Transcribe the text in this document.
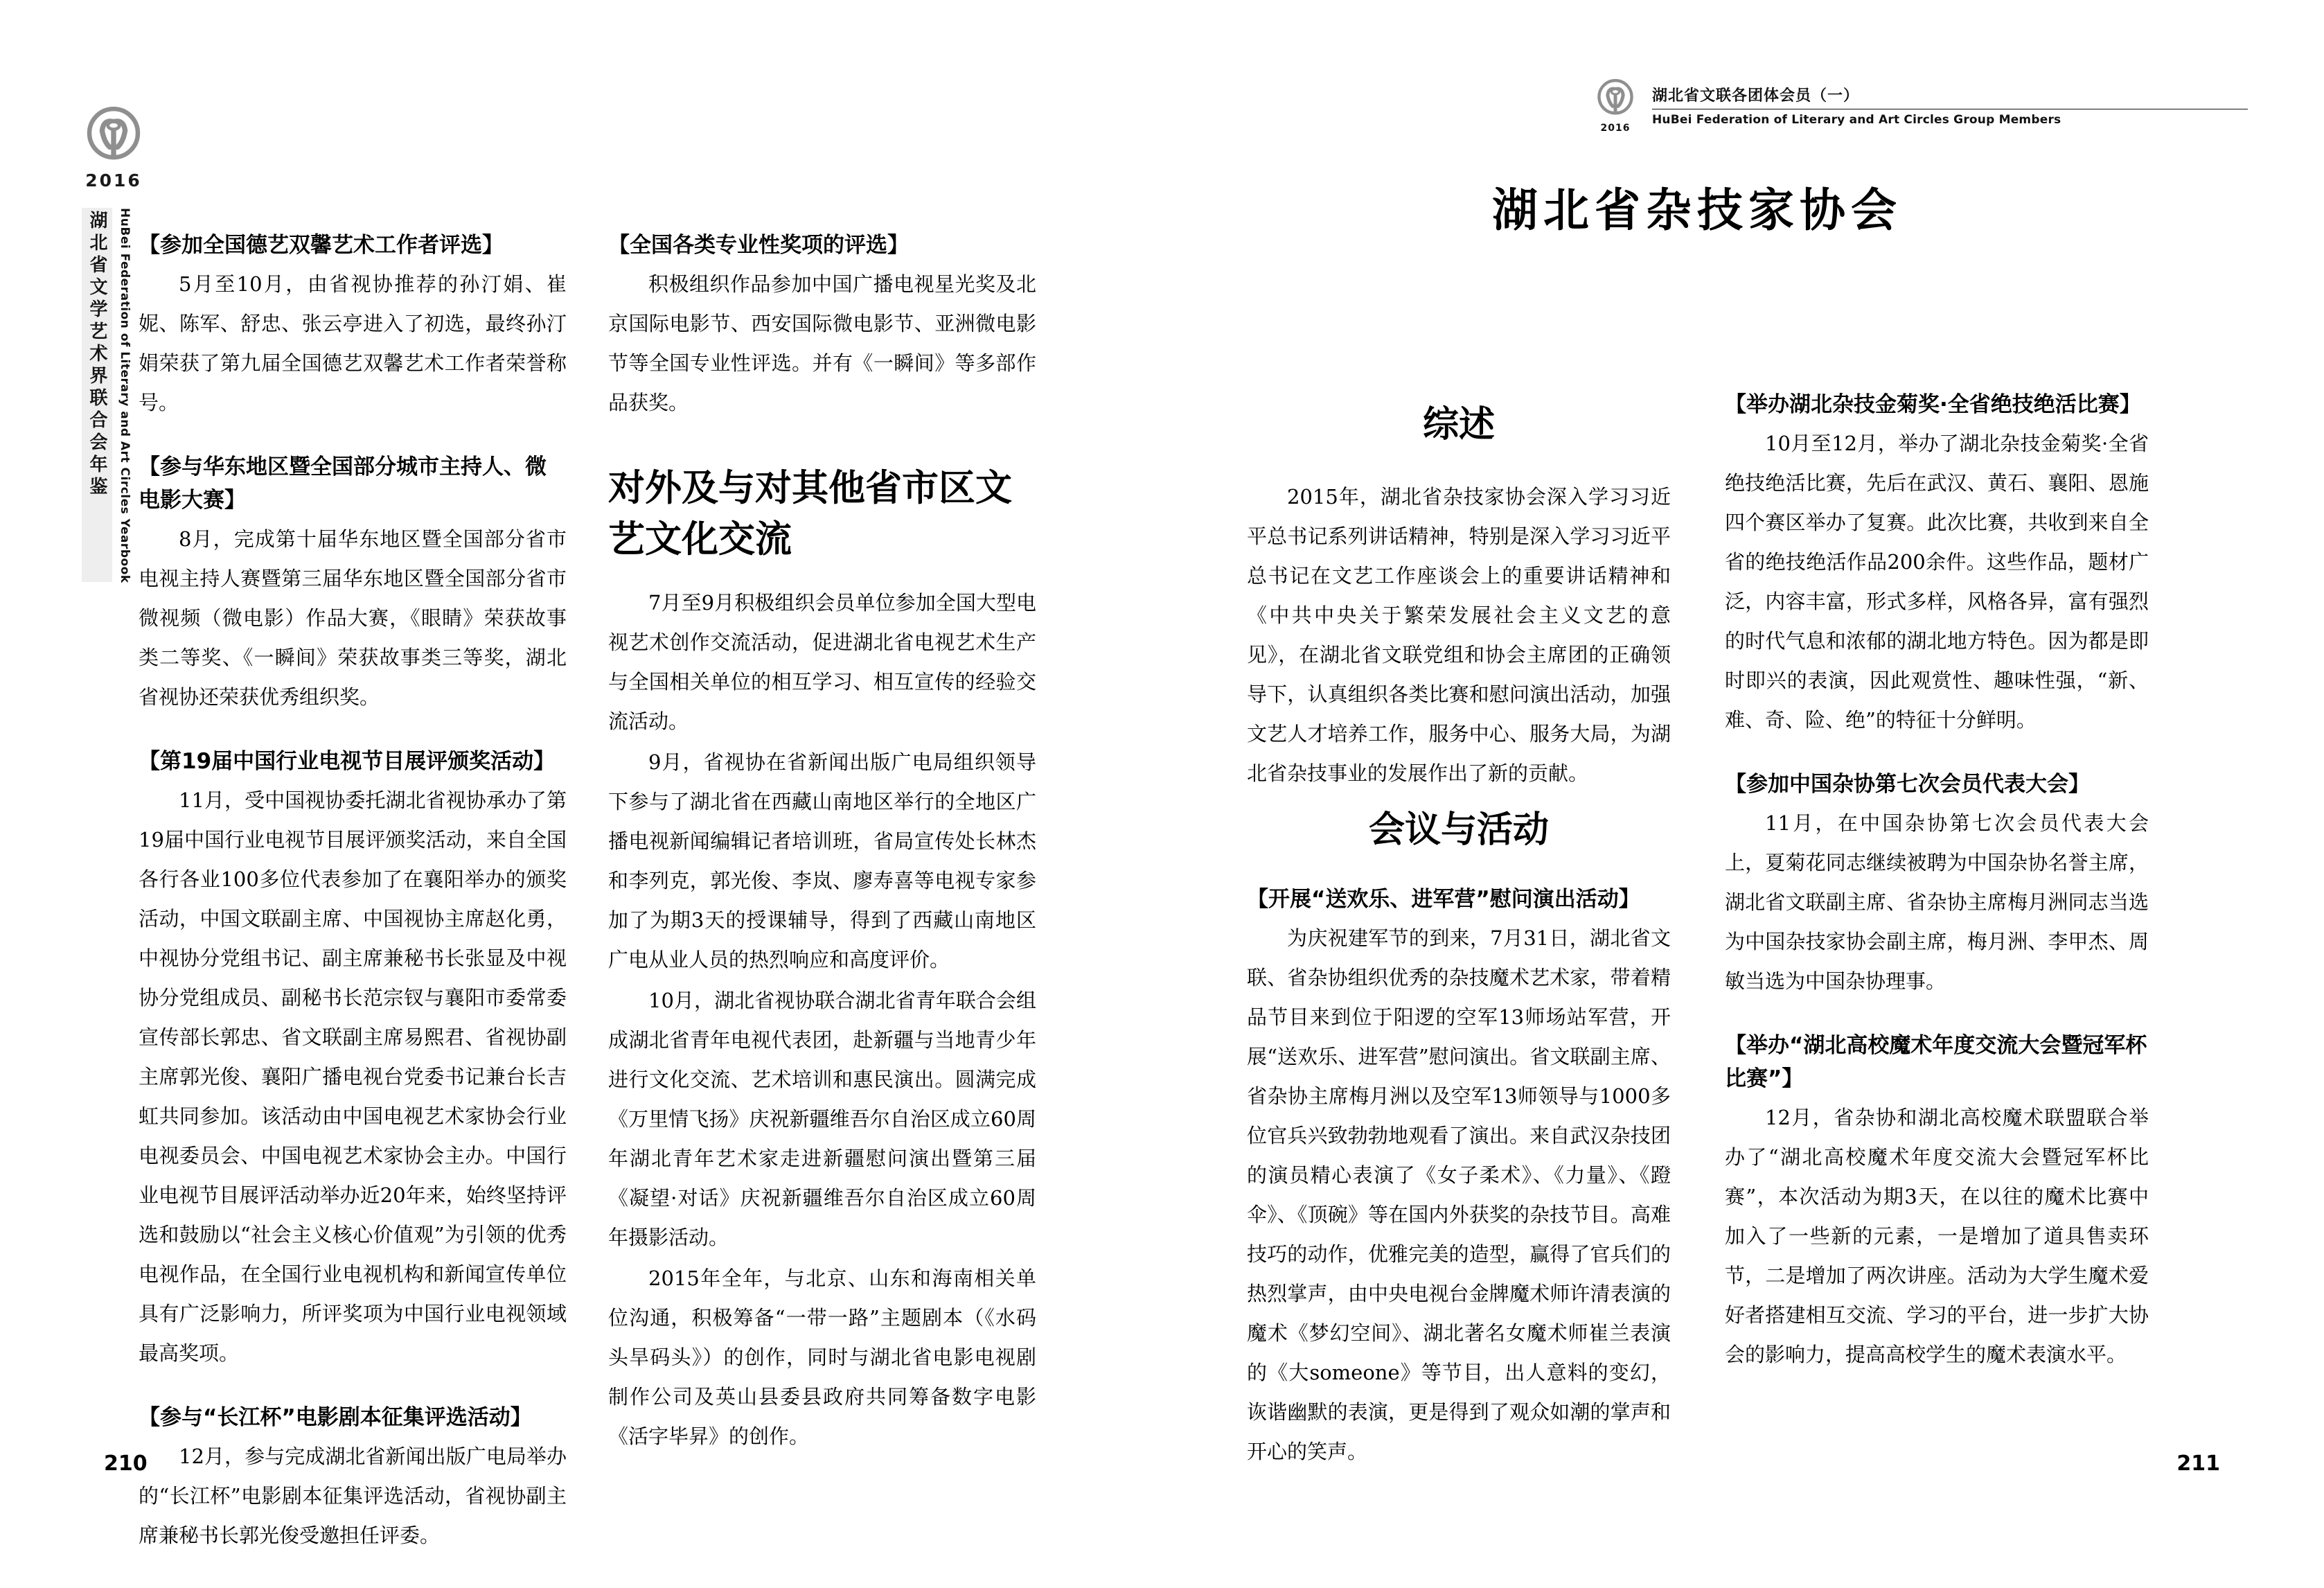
2016
湖北省文学艺术界联合会年鉴 HuBei Federation of Literary and Art Circles Yearbook 【参加全国德艺双馨艺术工作者评选】

5月至10月，由省视协推荐的孙汀娟、崔妮、陈军、舒忠、张云亭进入了初选，最终孙汀娟荣获了第九届全国德艺双馨艺术工作者荣誉称号。

【参与华东地区暨全国部分城市主持人、微电影大赛】

8月，完成第十届华东地区暨全国部分省市电视主持人赛暨第三届华东地区暨全国部分省市微视频（微电影）作品大赛，《眼睛》荣获故事类二等奖、《一瞬间》荣获故事类三等奖，湖北省视协还荣获优秀组织奖。

【第19届中国行业电视节目展评颁奖活动】

11月，受中国视协委托湖北省视协承办了第19届中国行业电视节目展评颁奖活动，来自全国各行各业100多位代表参加了在襄阳举办的颁奖活动，中国文联副主席、中国视协主席赵化勇，中视协分党组书记、副主席兼秘书长张显及中视协分党组成员、副秘书长范宗钗与襄阳市委常委宣传部长郭忠、省文联副主席易熙君、省视协副主席郭光俊、襄阳广播电视台党委书记兼台长吉虹共同参加。该活动由中国电视艺术家协会行业电视委员会、中国电视艺术家协会主办。中国行业电视节目展评活动举办近20年来，始终坚持评选和鼓励以“社会主义核心价值观”为引领的优秀电视作品，在全国行业电视机构和新闻宣传单位具有广泛影响力，所评奖项为中国行业电视领域最高奖项。

【参与“长江杯”电影剧本征集评选活动】

12月，参与完成湖北省新闻出版广电局举办的“长江杯”电影剧本征集评选活动，省视协副主席兼秘书长郭光俊受邀担任评委。

【全国各类专业性奖项的评选】

积极组织作品参加中国广播电视星光奖及北京国际电影节、西安国际微电影节、亚洲微电影节等全国专业性评选。并有《一瞬间》等多部作品获奖。

对外及与对其他省市区文艺文化交流

7月至9月积极组织会员单位参加全国大型电视艺术创作交流活动，促进湖北省电视艺术生产与全国相关单位的相互学习、相互宣传的经验交流活动。

9月，省视协在省新闻出版广电局组织领导下参与了湖北省在西藏山南地区举行的全地区广播电视新闻编辑记者培训班，省局宣传处长林杰和李列克，郭光俊、李岚、廖寿喜等电视专家参加了为期3天的授课辅导，得到了西藏山南地区广电从业人员的热烈响应和高度评价。

10月，湖北省视协联合湖北省青年联合会组成湖北省青年电视代表团，赴新疆与当地青少年进行文化交流、艺术培训和惠民演出。圆满完成《万里情飞扬》庆祝新疆维吾尔自治区成立60周年湖北青年艺术家走进新疆慰问演出暨第三届《凝望·对话》庆祝新疆维吾尔自治区成立60周年摄影活动。

2015年全年，与北京、山东和海南相关单位沟通，积极筹备“一带一路”主题剧本（《水码头旱码头》）的创作，同时与湖北省电影电视剧制作公司及英山县委县政府共同筹备数字电影《活字毕昇》的创作。

210
2016
湖北省文联各团体会员（一）
HuBei Federation of Literary and Art Circles Group Members
湖北省杂技家协会
综述

2015年，湖北省杂技家协会深入学习习近平总书记系列讲话精神，特别是深入学习习近平总书记在文艺工作座谈会上的重要讲话精神和《中共中央关于繁荣发展社会主义文艺的意见》，在湖北省文联党组和协会主席团的正确领导下，认真组织各类比赛和慰问演出活动，加强文艺人才培养工作，服务中心、服务大局，为湖北省杂技事业的发展作出了新的贡献。

会议与活动
【开展“送欢乐、进军营”慰问演出活动】

为庆祝建军节的到来，7月31日，湖北省文联、省杂协组织优秀的杂技魔术艺术家，带着精品节目来到位于阳逻的空军13师场站军营，开展“送欢乐、进军营”慰问演出。省文联副主席、省杂协主席梅月洲以及空军13师领导与1000多位官兵兴致勃勃地观看了演出。来自武汉杂技团的演员精心表演了《女子柔术》、《力量》、《蹬伞》、《顶碗》等在国内外获奖的杂技节目。高难技巧的动作，优雅完美的造型，赢得了官兵们的热烈掌声，由中央电视台金牌魔术师许清表演的魔术《梦幻空间》、湖北著名女魔术师崔兰表演的《大someone》等节目，出人意料的变幻，诙谐幽默的表演，更是得到了观众如潮的掌声和开心的笑声。

【举办湖北杂技金菊奖·全省绝技绝活比赛】

10月至12月，举办了湖北杂技金菊奖·全省绝技绝活比赛，先后在武汉、黄石、襄阳、恩施四个赛区举办了复赛。此次比赛，共收到来自全省的绝技绝活作品200余件。这些作品，题材广泛，内容丰富，形式多样，风格各异，富有强烈的时代气息和浓郁的湖北地方特色。因为都是即时即兴的表演，因此观赏性、趣味性强，“新、难、奇、险、绝”的特征十分鲜明。

【参加中国杂协第七次会员代表大会】

11月，在中国杂协第七次会员代表大会上，夏菊花同志继续被聘为中国杂协名誉主席，湖北省文联副主席、省杂协主席梅月洲同志当选为中国杂技家协会副主席，梅月洲、李甲杰、周敏当选为中国杂协理事。

【举办“湖北高校魔术年度交流大会暨冠军杯比赛”】

12月，省杂协和湖北高校魔术联盟联合举办了“湖北高校魔术年度交流大会暨冠军杯比赛”，本次活动为期3天，在以往的魔术比赛中加入了一些新的元素，一是增加了道具售卖环节，二是增加了两次讲座。活动为大学生魔术爱好者搭建相互交流、学习的平台，进一步扩大协会的影响力，提高高校学生的魔术表演水平。

211
